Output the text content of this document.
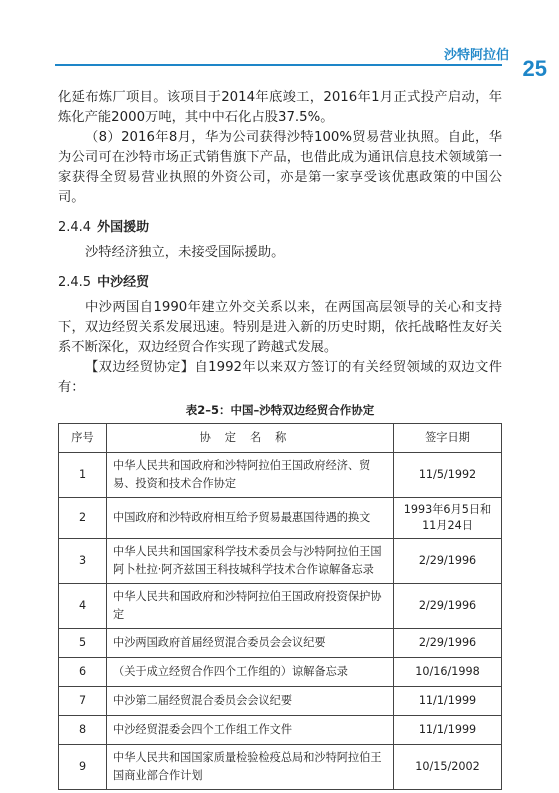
沙特阿拉伯
25

化延布炼厂项目。该项目于2014年底竣工，2016年1月正式投产启动，年炼化产能2000万吨，其中中石化占股37.5%。

（8）2016年8月，华为公司获得沙特100%贸易营业执照。自此，华为公司可在沙特市场正式销售旗下产品，也借此成为通讯信息技术领域第一家获得全贸易营业执照的外资公司，亦是第一家享受该优惠政策的中国公司。

2.4.4 外国援助

沙特经济独立，未接受国际援助。

2.4.5 中沙经贸

中沙两国自1990年建立外交关系以来，在两国高层领导的关心和支持下，双边经贸关系发展迅速。特别是进入新的历史时期，依托战略性友好关系不断深化，双边经贸合作实现了跨越式发展。

【双边经贸协定】自1992年以来双方签订的有关经贸领域的双边文件有：

表2–5：中国–沙特双边经贸合作协定
序号	协定名称	签字日期
1	中华人民共和国政府和沙特阿拉伯王国政府经济、贸易、投资和技术合作协定	11/5/1992
2	中国政府和沙特政府相互给予贸易最惠国待遇的换文	1993年6月5日和11月24日
3	中华人民共和国国家科学技术委员会与沙特阿拉伯王国阿卜杜拉·阿齐兹国王科技城科学技术合作谅解备忘录	2/29/1996
4	中华人民共和国政府和沙特阿拉伯王国政府投资保护协定	2/29/1996
5	中沙两国政府首届经贸混合委员会会议纪要	2/29/1996
6	（关于成立经贸合作四个工作组的）谅解备忘录	10/16/1998
7	中沙第二届经贸混合委员会会议纪要	11/1/1999
8	中沙经贸混委会四个工作组工作文件	11/1/1999
9	中华人民共和国国家质量检验检疫总局和沙特阿拉伯王国商业部合作计划	10/15/2002
